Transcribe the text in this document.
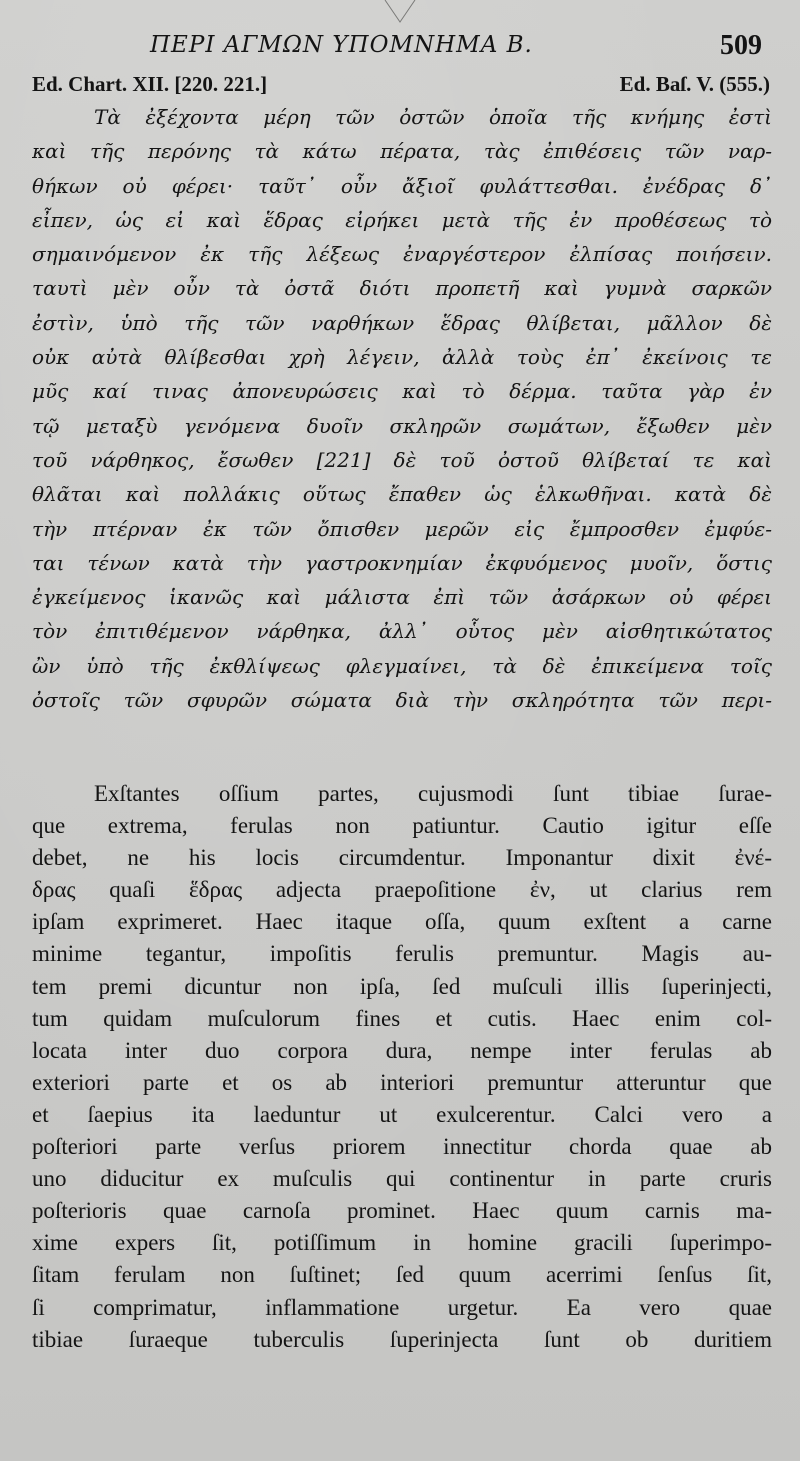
ΠΕΡΙ ΑΓΜΩΝ ΥΠΟΜΝΗΜΑ Β.	509
Ed. Chart. XII. [220. 221.]	Ed. Baſ. V. (555.)
Τὰ ἐξέχοντα μέρη τῶν ὀστῶν ὁποῖα τῆς κνήμης ἐστὶ
καὶ τῆς περόνης τὰ κάτω πέρατα, τὰς ἐπιθέσεις τῶν ναρ-
θήκων οὐ φέρει· ταῦτ᾽ οὖν ἄξιοῖ φυλάττεσθαι. ἐνέδρας δ᾽
εἶπεν, ὡς εἰ καὶ ἕδρας εἰρήκει μετὰ τῆς ἐν προθέσεως τὸ
σημαινόμενον ἐκ τῆς λέξεως ἐναργέστερον ἐλπίσας ποιήσειν.
ταυτὶ μὲν οὖν τὰ ὀστᾶ διότι προπετῆ καὶ γυμνὰ σαρκῶν
ἐστὶν, ὑπὸ τῆς τῶν ναρθήκων ἕδρας θλίβεται, μᾶλλον δὲ
οὐκ αὐτὰ θλίβεσθαι χρὴ λέγειν, ἀλλὰ τοὺς ἐπ᾽ ἐκείνοις τε
μῦς καί τινας ἀπονευρώσεις καὶ τὸ δέρμα. ταῦτα γὰρ ἐν
τῷ μεταξὺ γενόμενα δυοῖν σκληρῶν σωμάτων, ἔξωθεν μὲν
τοῦ νάρθηκος, ἔσωθεν [221] δὲ τοῦ ὀστοῦ θλίβεταί τε καὶ
θλᾶται καὶ πολλάκις οὕτως ἔπαθεν ὡς ἑλκωθῆναι. κατὰ δὲ
τὴν πτέρναν ἐκ τῶν ὄπισθεν μερῶν εἰς ἔμπροσθεν ἐμφύε-
ται τένων κατὰ τὴν γαστροκνημίαν ἐκφυόμενος μυοῖν, ὅστις
ἐγκείμενος ἱκανῶς καὶ μάλιστα ἐπὶ τῶν ἀσάρκων οὐ φέρει
τὸν ἐπιτιθέμενον νάρθηκα, ἀλλ᾽ οὗτος μὲν αἰσθητικώτατος
ὢν ὑπὸ τῆς ἐκθλίψεως φλεγμαίνει, τὰ δὲ ἐπικείμενα τοῖς
ὀστοῖς τῶν σφυρῶν σώματα διὰ τὴν σκληρότητα τῶν περι-
Exſtantes oſſium partes, cujusmodi ſunt tibiae ſurae-
que extrema, ferulas non patiuntur. Cautio igitur eſſe
debet, ne his locis circumdentur. Imponantur dixit ἐνέ-
δρας quaſi ἕδρας adjecta praepoſitione ἐν, ut clarius rem
ipſam exprimeret. Haec itaque oſſa, quum exſtent a carne
minime tegantur, impoſitis ferulis premuntur. Magis au-
tem premi dicuntur non ipſa, ſed muſculi illis ſuperinjecti,
tum quidam muſculorum fines et cutis. Haec enim col-
locata inter duo corpora dura, nempe inter ferulas ab
exteriori parte et os ab interiori premuntur atteruntur que
et ſaepius ita laeduntur ut exulcerentur. Calci vero a
poſteriori parte verſus priorem innectitur chorda quae ab
uno diducitur ex muſculis qui continentur in parte cruris
poſterioris quae carnoſa prominet. Haec quum carnis ma-
xime expers ſit, potiſſimum in homine gracili ſuperimpo-
ſitam ferulam non ſuſtinet; ſed quum acerrimi ſenſus ſit,
ſi comprimatur, inflammatione urgetur. Ea vero quae
tibiae ſuraeque tuberculis ſuperinjecta ſunt ob duritiem
